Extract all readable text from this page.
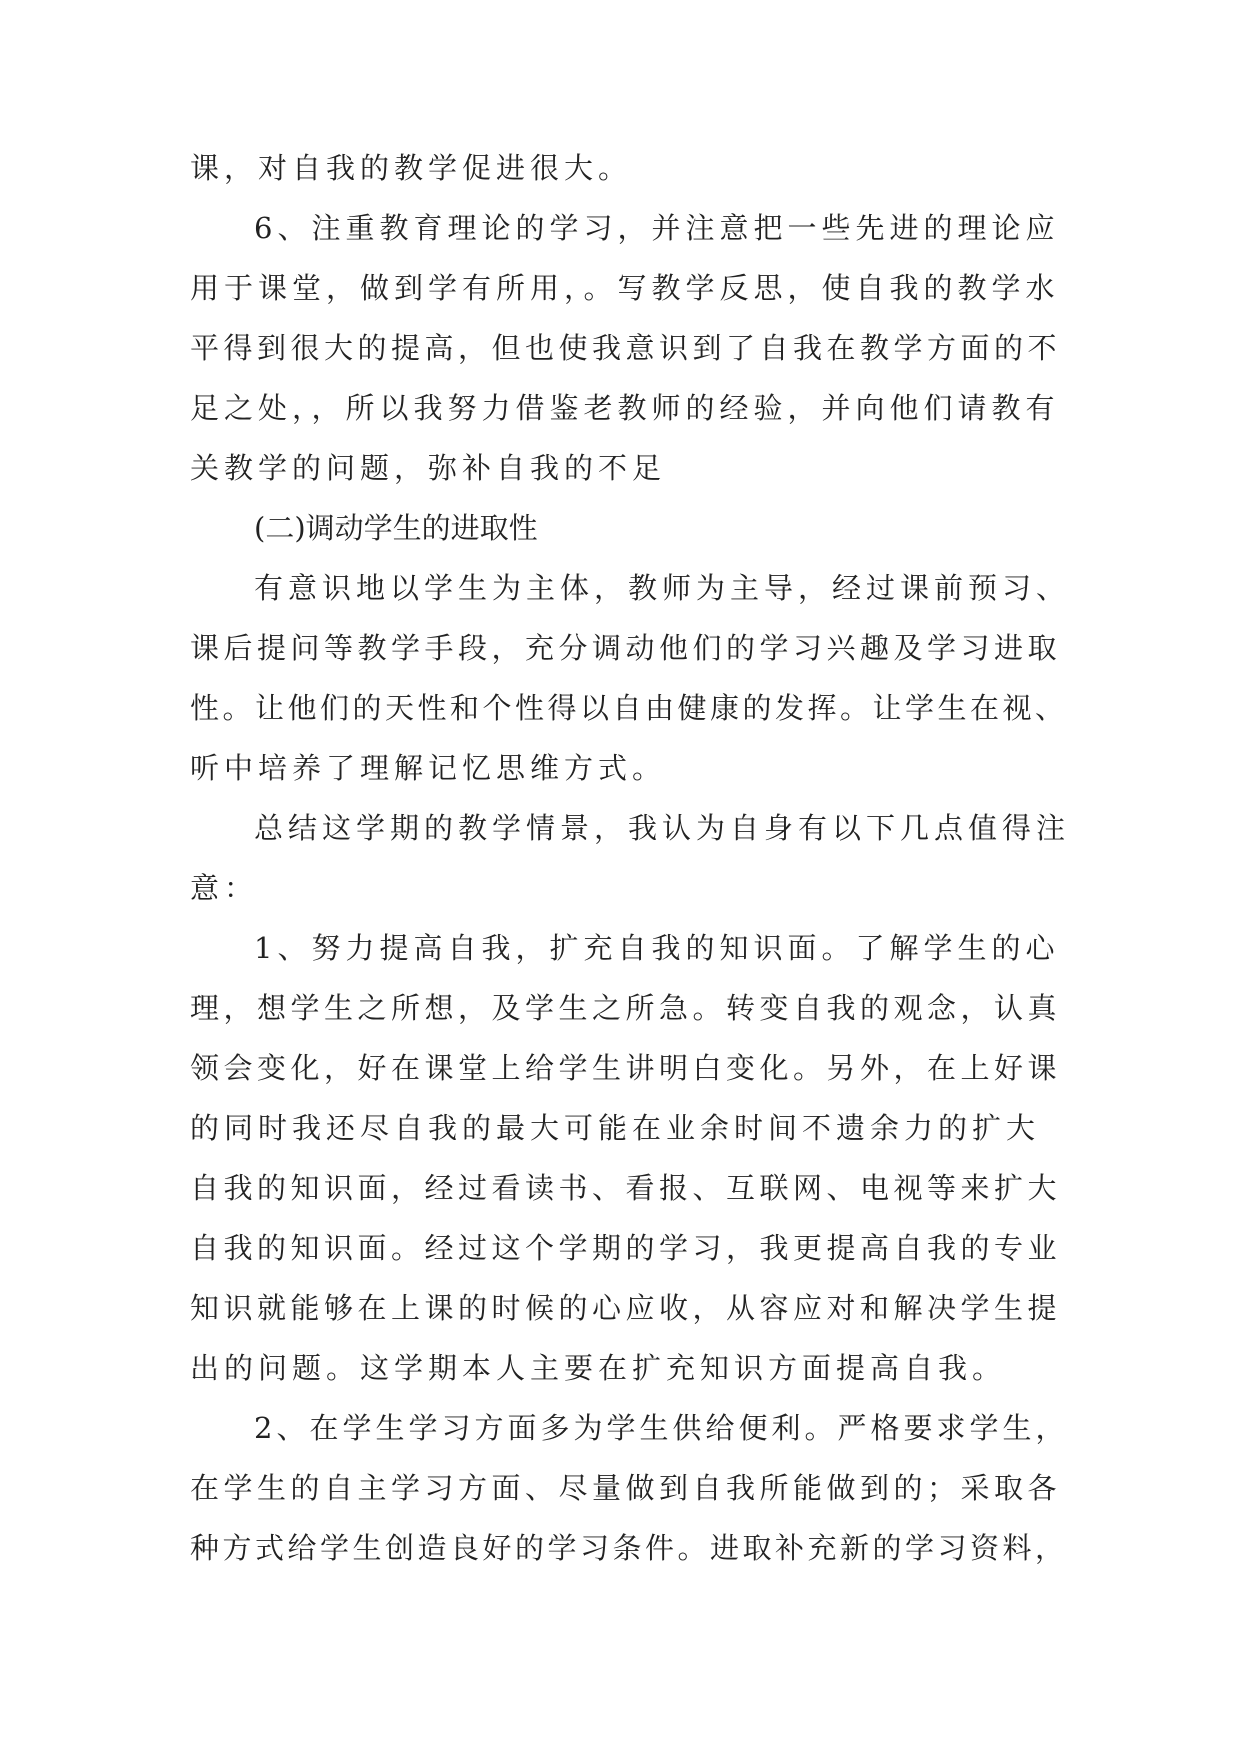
课，对自我的教学促进很大。
6、注重教育理论的学习，并注意把一些先进的理论应
用于课堂，做到学有所用，。写教学反思，使自我的教学水
平得到很大的提高，但也使我意识到了自我在教学方面的不
足之处，，所以我努力借鉴老教师的经验，并向他们请教有
关教学的问题，弥补自我的不足
(二)调动学生的进取性
有意识地以学生为主体，教师为主导，经过课前预习、
课后提问等教学手段，充分调动他们的学习兴趣及学习进取
性。让他们的天性和个性得以自由健康的发挥。让学生在视、
听中培养了理解记忆思维方式。
总结这学期的教学情景，我认为自身有以下几点值得注
意：
1、努力提高自我，扩充自我的知识面。了解学生的心
理，想学生之所想，及学生之所急。转变自我的观念，认真
领会变化，好在课堂上给学生讲明白变化。另外，在上好课
的同时我还尽自我的最大可能在业余时间不遗余力的扩大
自我的知识面，经过看读书、看报、互联网、电视等来扩大
自我的知识面。经过这个学期的学习，我更提高自我的专业
知识就能够在上课的时候的心应收，从容应对和解决学生提
出的问题。这学期本人主要在扩充知识方面提高自我。
2、在学生学习方面多为学生供给便利。严格要求学生，
在学生的自主学习方面、尽量做到自我所能做到的；采取各
种方式给学生创造良好的学习条件。进取补充新的学习资料，
